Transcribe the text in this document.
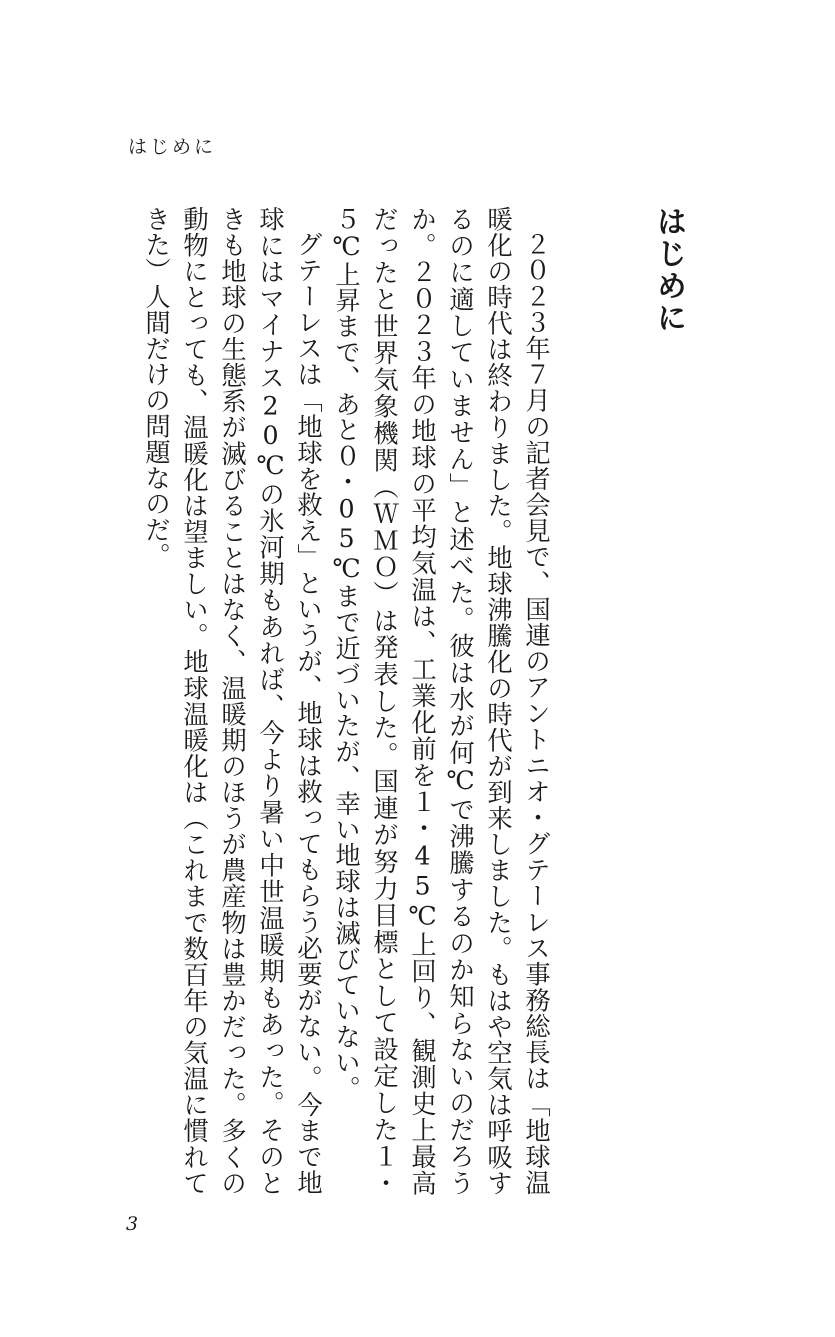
はじめに
はじめに

２０２３年７月の記者会見で、国連のアントニオ・グテーレス事務総長は「地球温暖化の時代は終わりました。地球沸騰化の時代が到来しました。もはや空気は呼吸するのに適していません」と述べた。彼は水が何℃で沸騰するのか知らないのだろうか。２０２３年の地球の平均気温は、工業化前を１・45℃上回り、観測史上最高だったと世界気象機関（ＷＭＯ）は発表した。国連が努力目標として設定した１・５℃上昇まで、あと０・05℃まで近づいたが、幸い地球は滅びていない。

グテーレスは「地球を救え」というが、地球は救ってもらう必要がない。今まで地球にはマイナス20℃の氷河期もあれば、今より暑い中世温暖期もあった。そのときも地球の生態系が滅びることはなく、温暖期のほうが農産物は豊かだった。多くの動物にとっても、温暖化は望ましい。地球温暖化は（これまで数百年の気温に慣れてきた）人間だけの問題なのだ。

3
